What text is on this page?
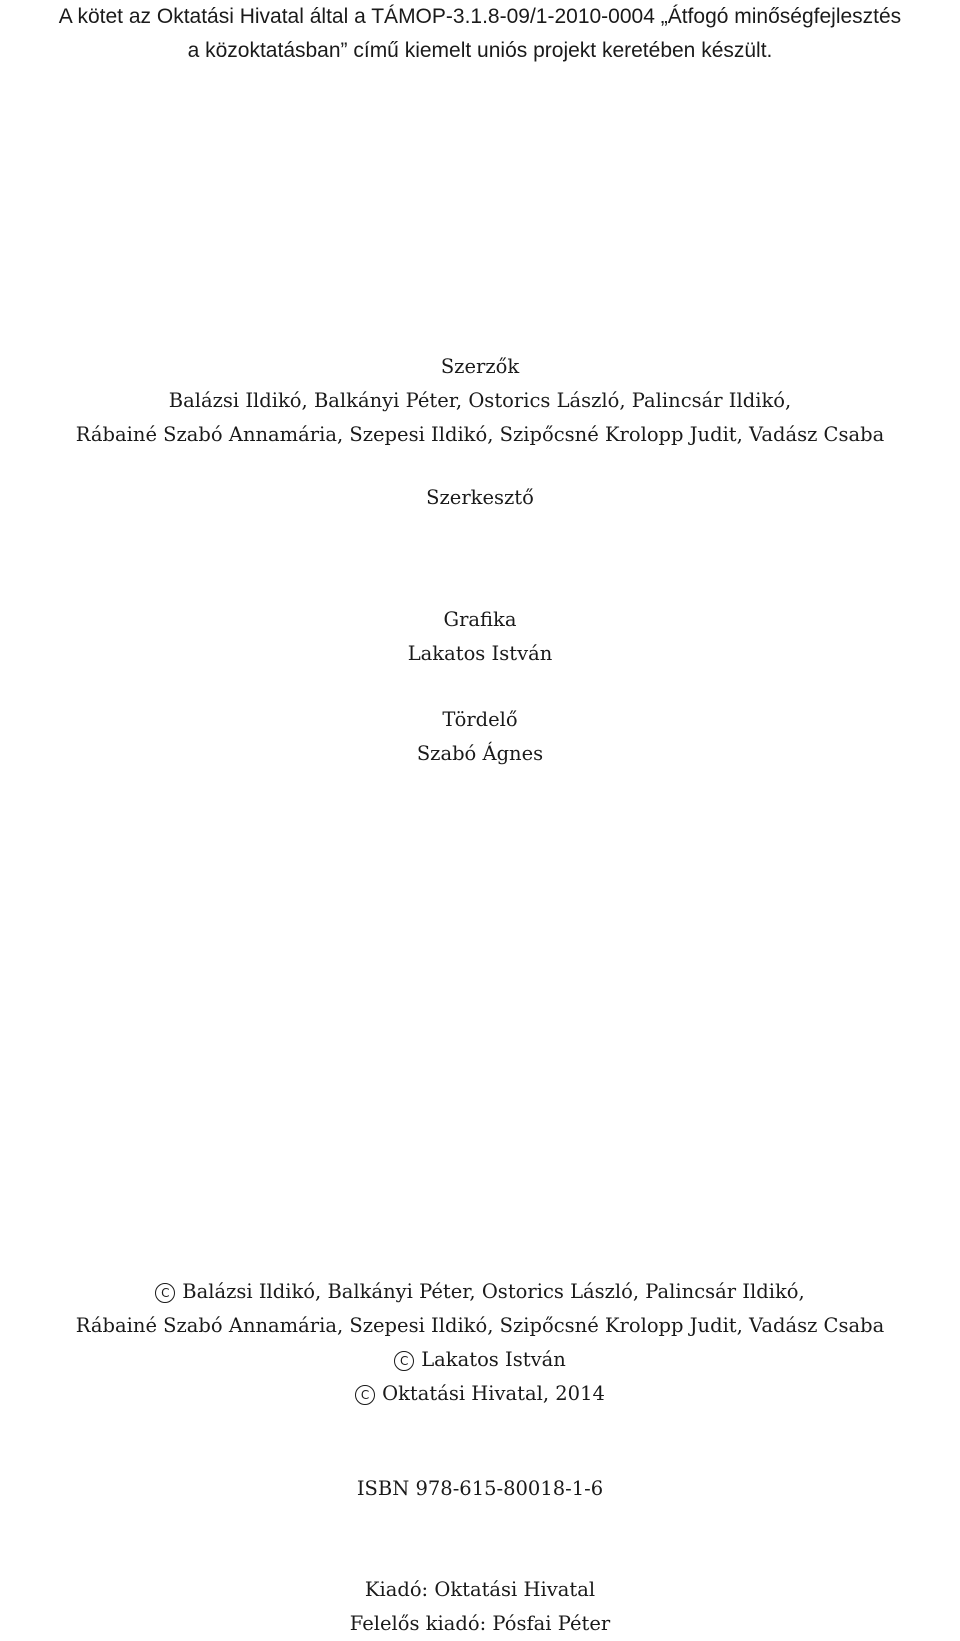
A kötet az Oktatási Hivatal által a TÁMOP-3.1.8-09/1-2010-0004 „Átfogó minőségfejlesztés
a közoktatásban” című kiemelt uniós projekt keretében készült.
Szerzők
Balázsi Ildikó, Balkányi Péter, Ostorics László, Palincsár Ildikó,
Rábainé Szabó Annamária, Szepesi Ildikó, Szipőcsné Krolopp Judit, Vadász Csaba
Szerkesztő
Grafika
Lakatos István
Tördelő
Szabó Ágnes
C Balázsi Ildikó, Balkányi Péter, Ostorics László, Palincsár Ildikó,
Rábainé Szabó Annamária, Szepesi Ildikó, Szipőcsné Krolopp Judit, Vadász Csaba
C Lakatos István
C Oktatási Hivatal, 2014
ISBN 978-615-80018-1-6
Kiadó: Oktatási Hivatal
Felelős kiadó: Pósfai Péter
